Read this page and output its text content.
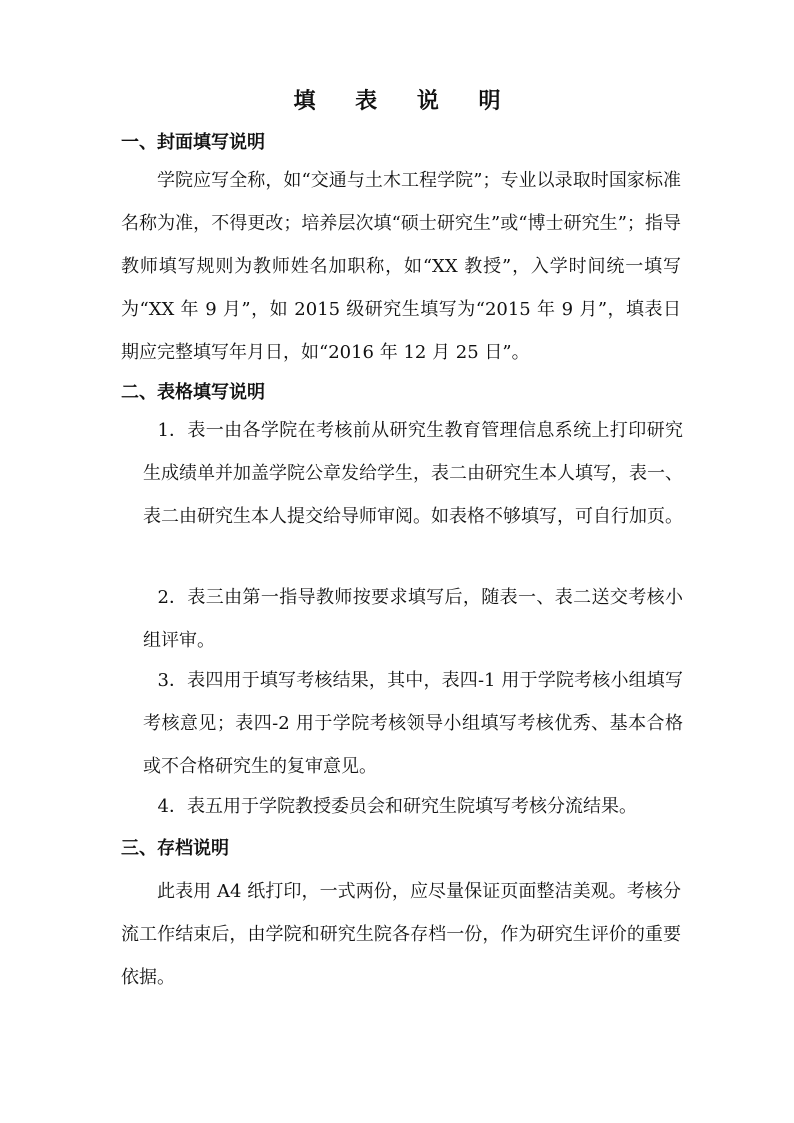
填 表 说 明
一、封面填写说明
学院应写全称，如“交通与土木工程学院”；专业以录取时国家标准名称为准，不得更改；培养层次填“硕士研究生”或“博士研究生”；指导教师填写规则为教师姓名加职称，如“XX 教授”，入学时间统一填写为“XX 年 9 月”，如 2015 级研究生填写为“2015 年 9 月”，填表日期应完整填写年月日，如“2016 年 12 月 25 日”。
二、表格填写说明
1．表一由各学院在考核前从研究生教育管理信息系统上打印研究生成绩单并加盖学院公章发给学生，表二由研究生本人填写，表一、表二由研究生本人提交给导师审阅。如表格不够填写，可自行加页。
2．表三由第一指导教师按要求填写后，随表一、表二送交考核小组评审。
3．表四用于填写考核结果，其中，表四-1 用于学院考核小组填写考核意见；表四-2 用于学院考核领导小组填写考核优秀、基本合格或不合格研究生的复审意见。
4．表五用于学院教授委员会和研究生院填写考核分流结果。
三、存档说明
此表用 A4 纸打印，一式两份，应尽量保证页面整洁美观。考核分流工作结束后，由学院和研究生院各存档一份，作为研究生评价的重要依据。
